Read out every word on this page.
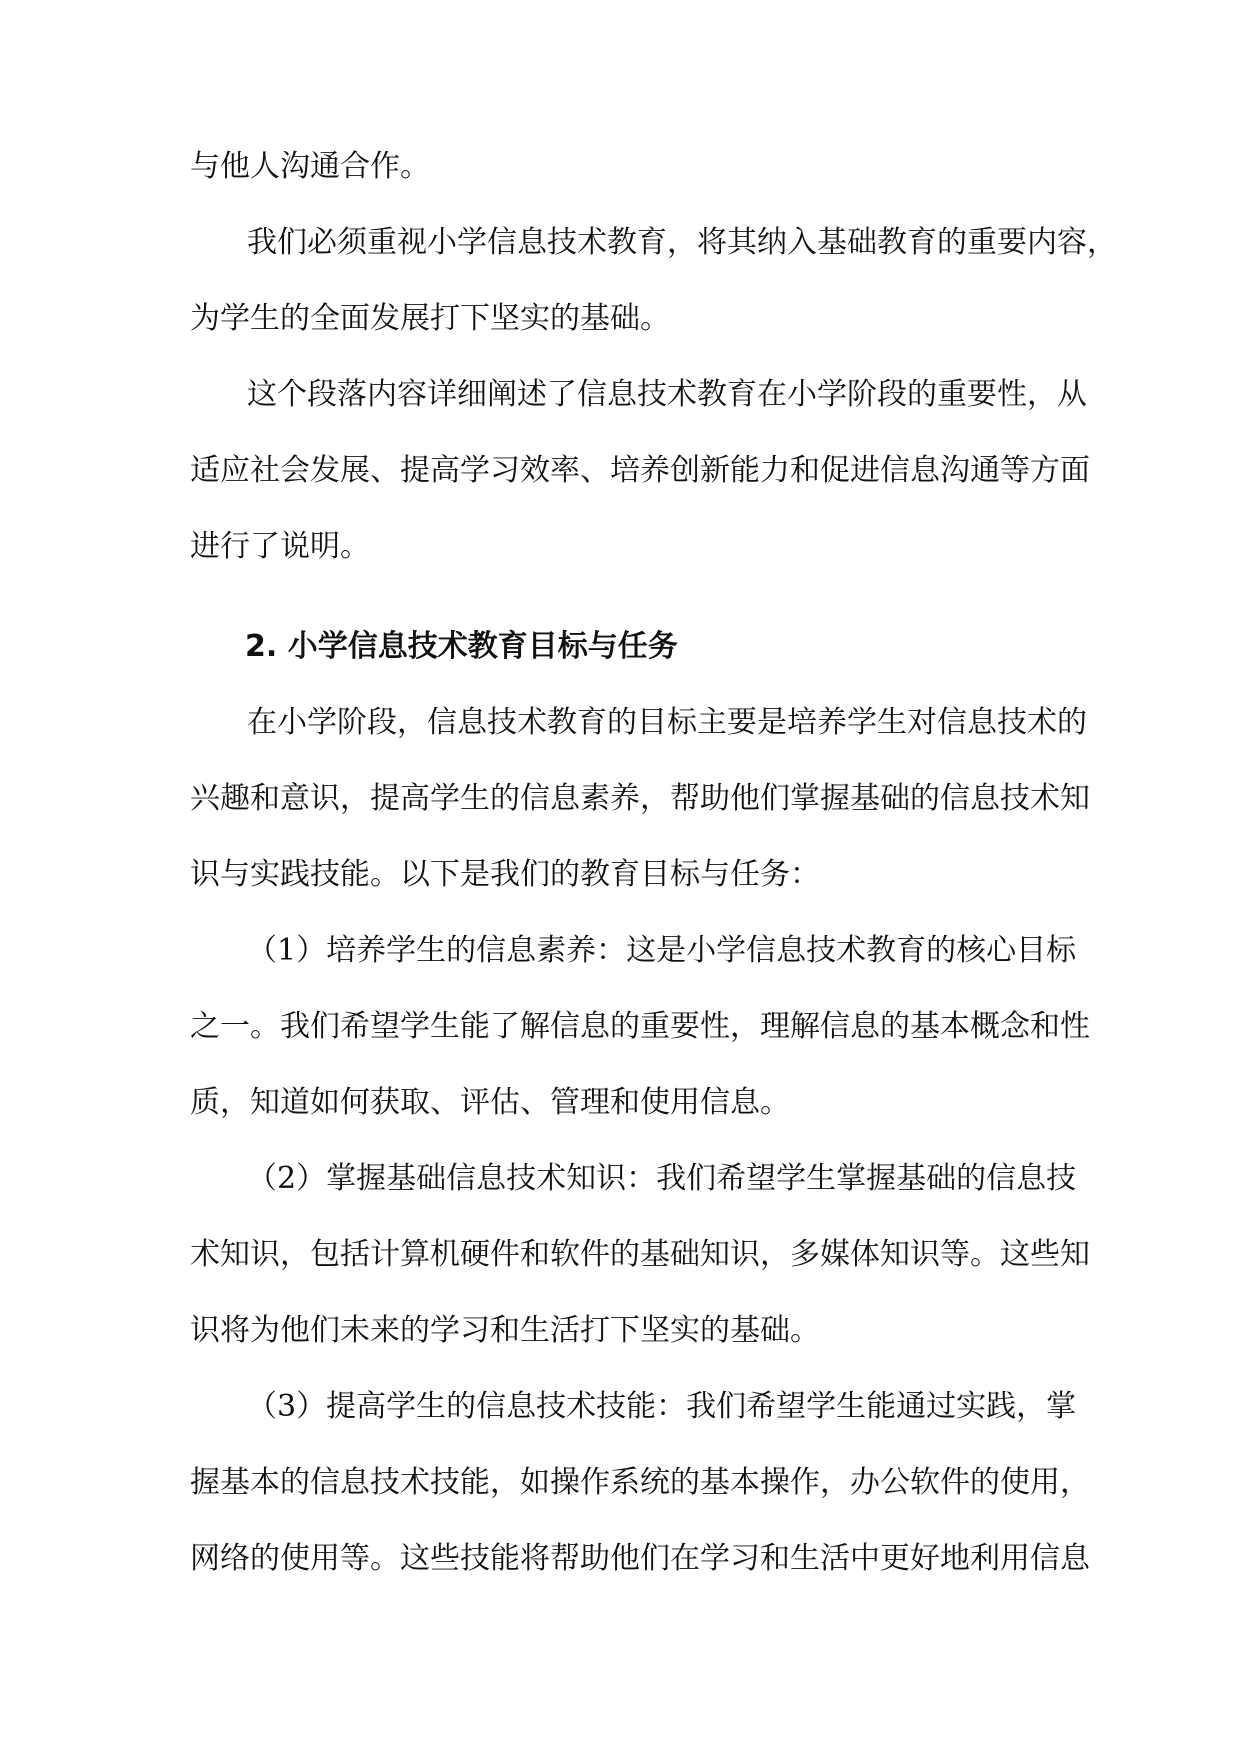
与他人沟通合作。
我们必须重视小学信息技术教育，将其纳入基础教育的重要内容，
为学生的全面发展打下坚实的基础。
这个段落内容详细阐述了信息技术教育在小学阶段的重要性，从
适应社会发展、提高学习效率、培养创新能力和促进信息沟通等方面
进行了说明。
2. 小学信息技术教育目标与任务
在小学阶段，信息技术教育的目标主要是培养学生对信息技术的
兴趣和意识，提高学生的信息素养，帮助他们掌握基础的信息技术知
识与实践技能。以下是我们的教育目标与任务：
（1）培养学生的信息素养：这是小学信息技术教育的核心目标
之一。我们希望学生能了解信息的重要性，理解信息的基本概念和性
质，知道如何获取、评估、管理和使用信息。
（2）掌握基础信息技术知识：我们希望学生掌握基础的信息技
术知识，包括计算机硬件和软件的基础知识，多媒体知识等。这些知
识将为他们未来的学习和生活打下坚实的基础。
（3）提高学生的信息技术技能：我们希望学生能通过实践，掌
握基本的信息技术技能，如操作系统的基本操作，办公软件的使用，
网络的使用等。这些技能将帮助他们在学习和生活中更好地利用信息
